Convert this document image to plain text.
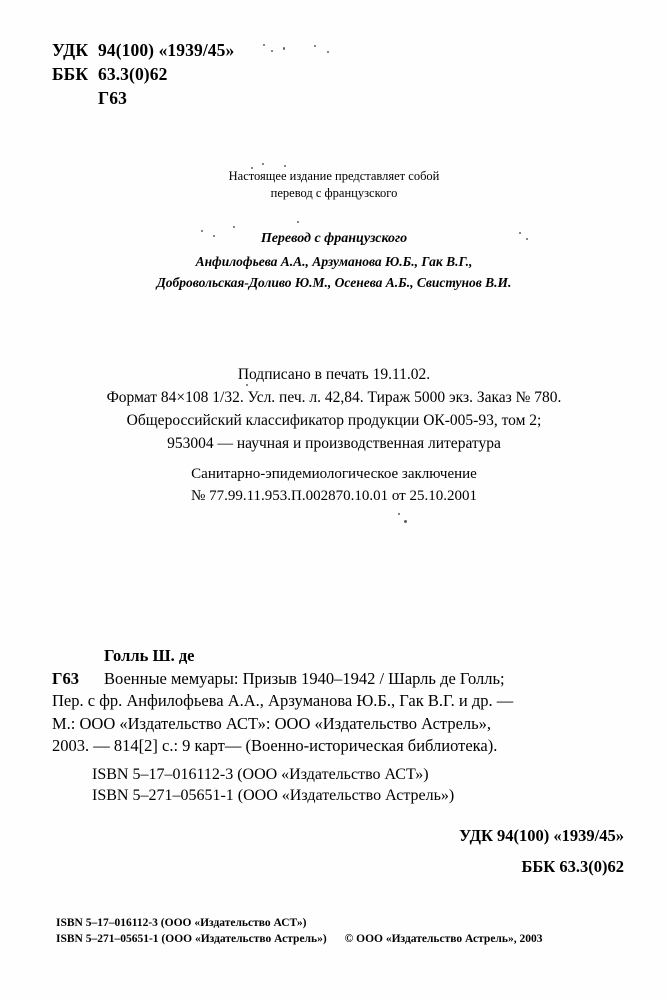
УДК 94(100) «1939/45»
ББК 63.3(0)62
Г63
Настоящее издание представляет собой
перевод с французского
Перевод с французского
Анфилофьева А.А., Арзуманова Ю.Б., Гак В.Г.,
Добровольская-Доливо Ю.М., Осенева А.Б., Свистунов В.И.
Подписано в печать 19.11.02.
Формат 84×108 1/32. Усл. печ. л. 42,84. Тираж 5000 экз. Заказ № 780.
Общероссийский классификатор продукции ОК-005-93, том 2;
953004 — научная и производственная литература
Санитарно-эпидемиологическое заключение
№ 77.99.11.953.П.002870.10.01 от 25.10.2001
Голль Ш. де
Г63 Военные мемуары: Призыв 1940–1942 / Шарль де Голль;
Пер. с фр. Анфилофьева А.А., Арзуманова Ю.Б., Гак В.Г. и др. —
М.: ООО «Издательство АСТ»: ООО «Издательство Астрель»,
2003. — 814[2] с.: 9 карт— (Военно-историческая библиотека).
ISBN 5–17–016112-3 (ООО «Издательство АСТ»)
ISBN 5–271–05651-1 (ООО «Издательство Астрель»)
УДК 94(100) «1939/45»
ББК 63.3(0)62
ISBN 5–17–016112-3 (ООО «Издательство АСТ»)
ISBN 5–271–05651-1 (ООО «Издательство Астрель») © ООО «Издательство Астрель», 2003
